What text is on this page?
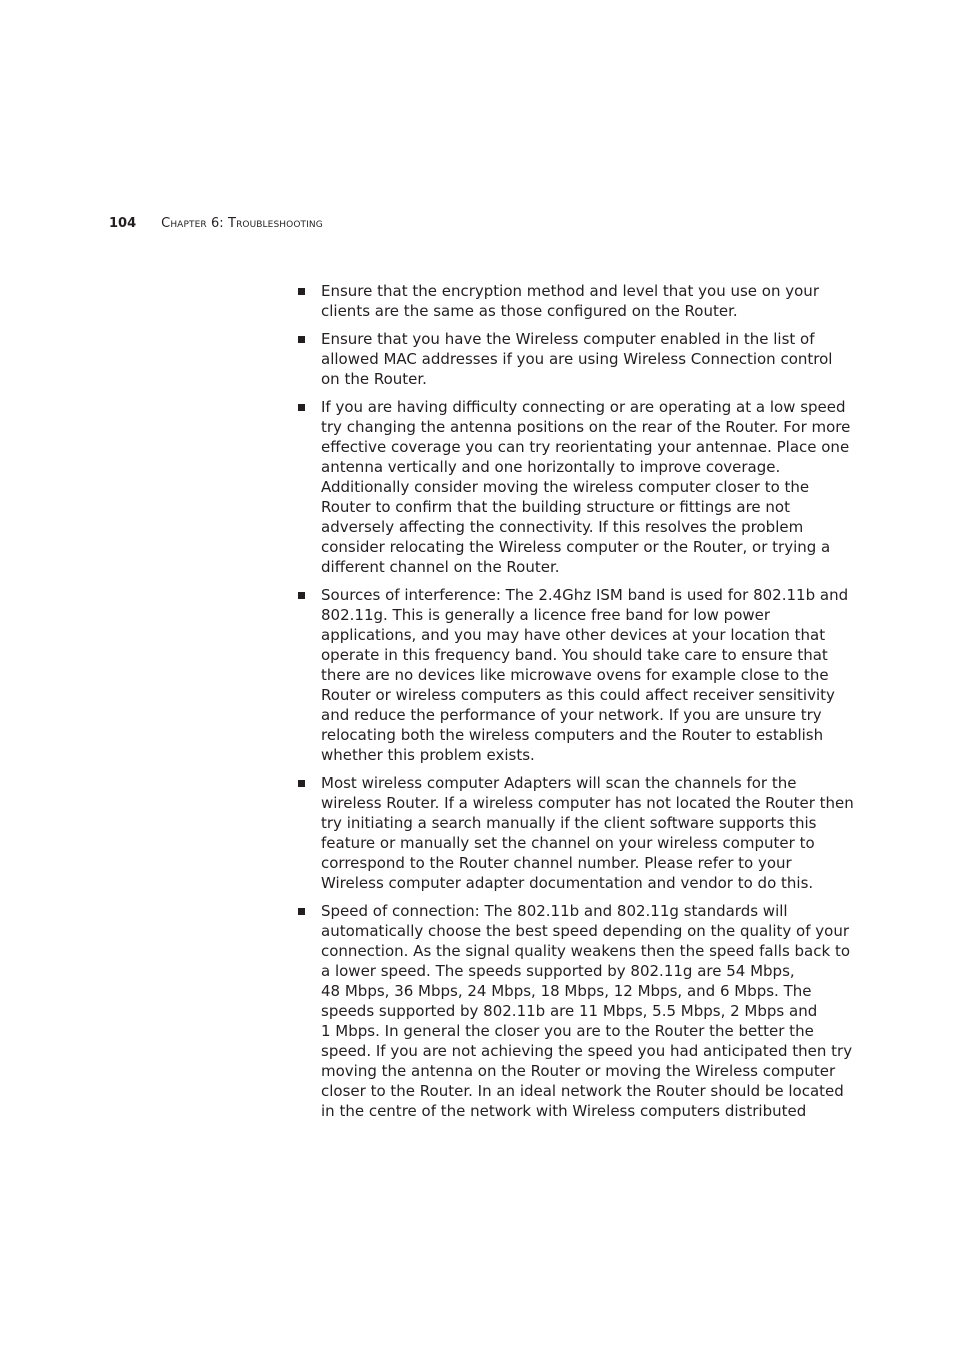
104 Chapter 6: Troubleshooting
Ensure that the encryption method and level that you use on your
clients are the same as those configured on the Router.
Ensure that you have the Wireless computer enabled in the list of
allowed MAC addresses if you are using Wireless Connection control
on the Router.
If you are having difficulty connecting or are operating at a low speed
try changing the antenna positions on the rear of the Router. For more
effective coverage you can try reorientating your antennae. Place one
antenna vertically and one horizontally to improve coverage.
Additionally consider moving the wireless computer closer to the
Router to confirm that the building structure or fittings are not
adversely affecting the connectivity. If this resolves the problem
consider relocating the Wireless computer or the Router, or trying a
different channel on the Router.
Sources of interference: The 2.4Ghz ISM band is used for 802.11b and
802.11g. This is generally a licence free band for low power
applications, and you may have other devices at your location that
operate in this frequency band. You should take care to ensure that
there are no devices like microwave ovens for example close to the
Router or wireless computers as this could affect receiver sensitivity
and reduce the performance of your network. If you are unsure try
relocating both the wireless computers and the Router to establish
whether this problem exists.
Most wireless computer Adapters will scan the channels for the
wireless Router. If a wireless computer has not located the Router then
try initiating a search manually if the client software supports this
feature or manually set the channel on your wireless computer to
correspond to the Router channel number. Please refer to your
Wireless computer adapter documentation and vendor to do this.
Speed of connection: The 802.11b and 802.11g standards will
automatically choose the best speed depending on the quality of your
connection. As the signal quality weakens then the speed falls back to
a lower speed. The speeds supported by 802.11g are 54 Mbps,
48 Mbps, 36 Mbps, 24 Mbps, 18 Mbps, 12 Mbps, and 6 Mbps. The
speeds supported by 802.11b are 11 Mbps, 5.5 Mbps, 2 Mbps and
1 Mbps. In general the closer you are to the Router the better the
speed. If you are not achieving the speed you had anticipated then try
moving the antenna on the Router or moving the Wireless computer
closer to the Router. In an ideal network the Router should be located
in the centre of the network with Wireless computers distributed
